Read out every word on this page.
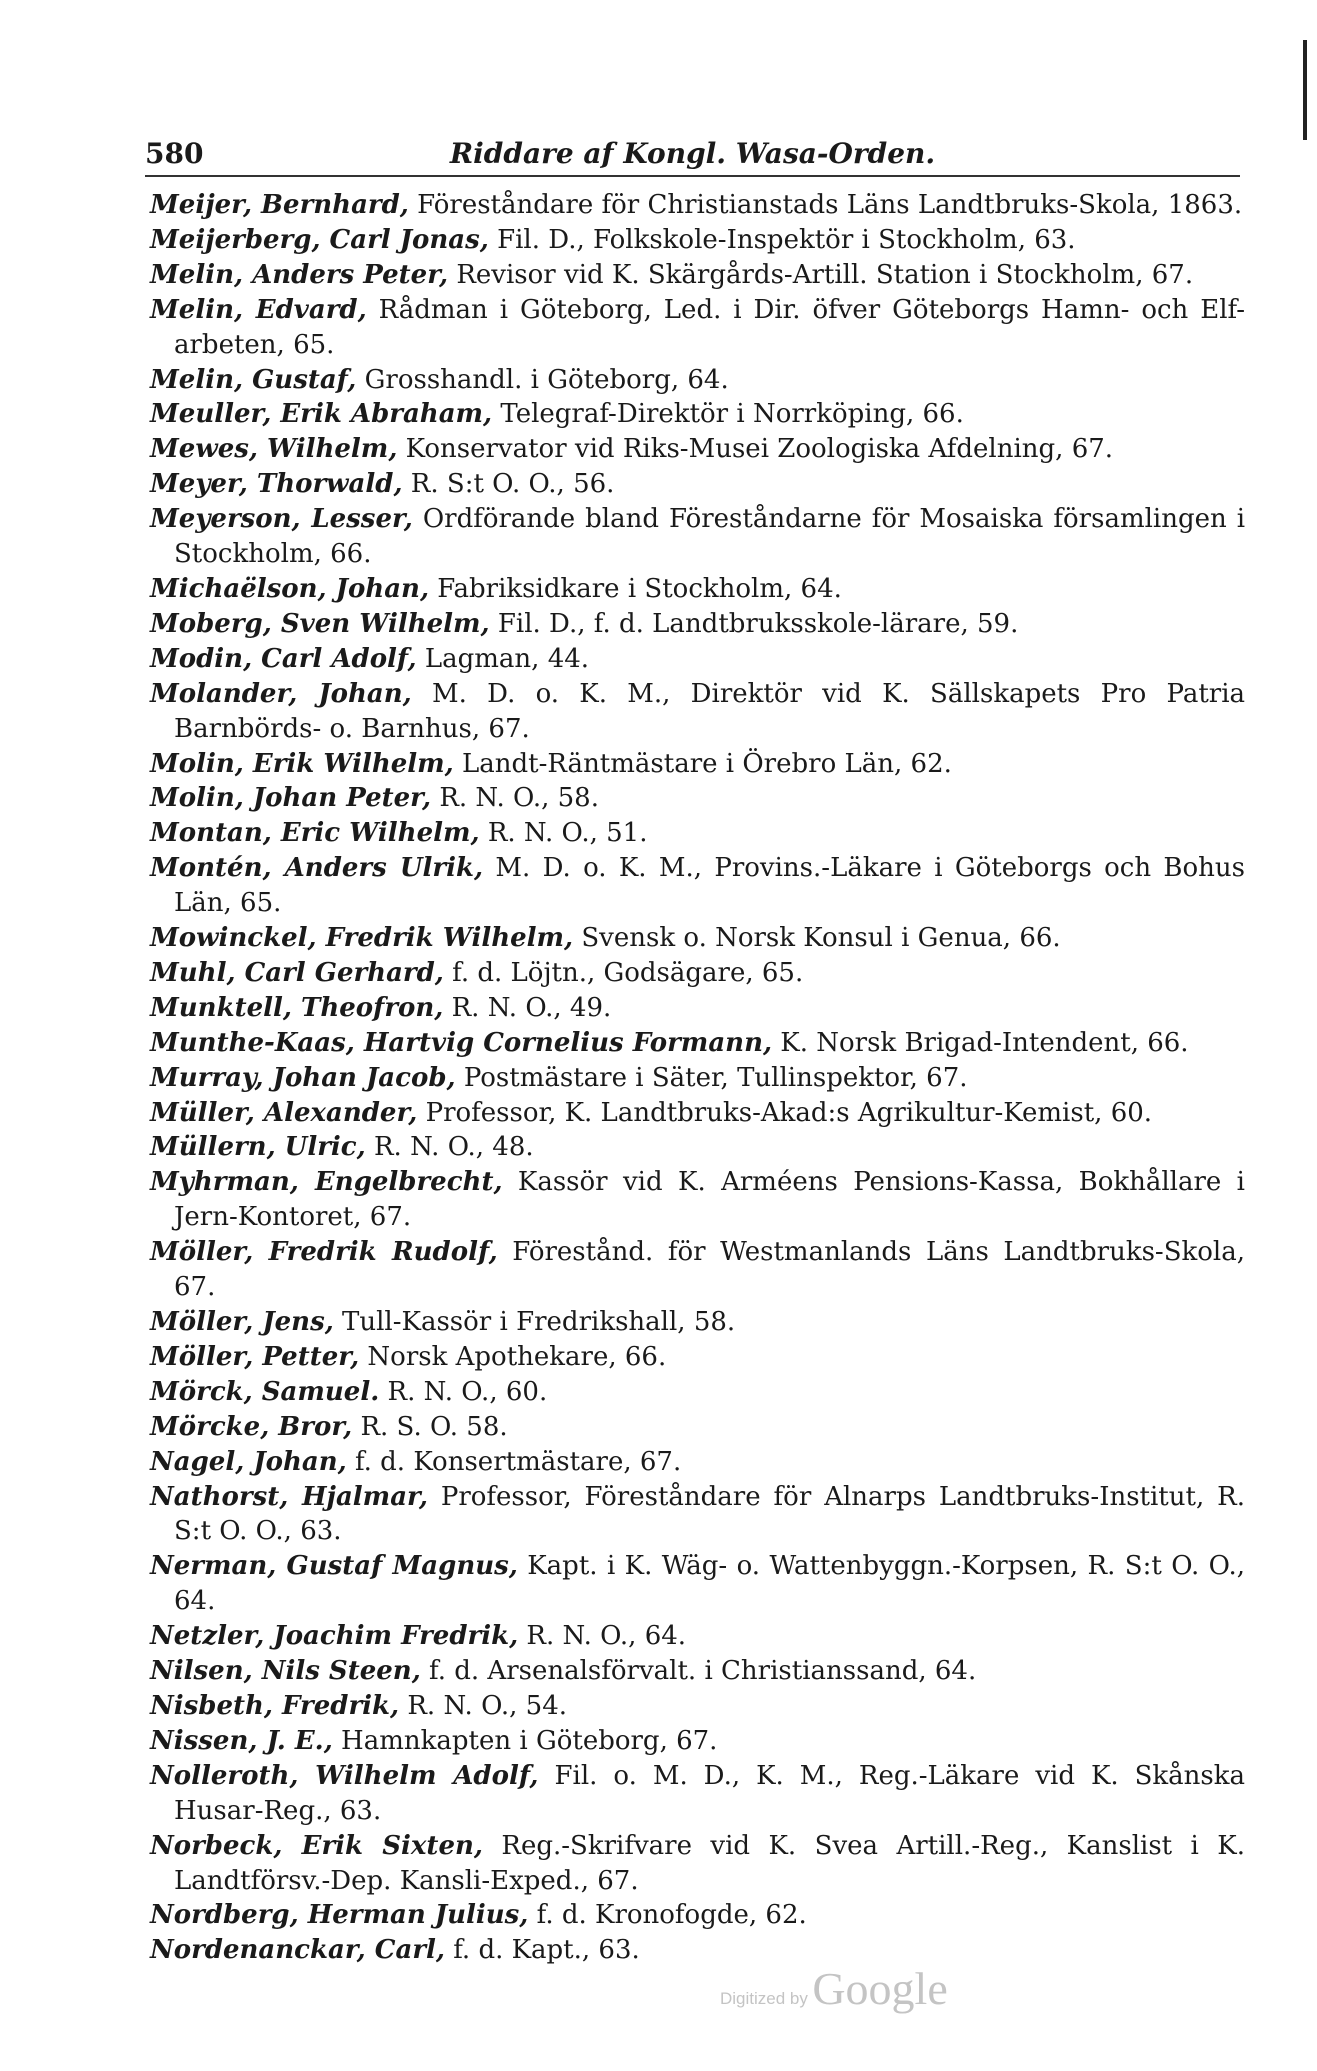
580	Riddare af Kongl. Wasa-Orden.
Meijer, Bernhard, Föreståndare för Christianstads Läns Landtbruks-Skola, 1863.
Meijerberg, Carl Jonas, Fil. D., Folkskole-Inspektör i Stockholm, 63.
Melin, Anders Peter, Revisor vid K. Skärgårds-Artill. Station i Stockholm, 67.
Melin, Edvard, Rådman i Göteborg, Led. i Dir. öfver Göteborgs Hamn- och Elf-arbeten, 65.
Melin, Gustaf, Grosshandl. i Göteborg, 64.
Meuller, Erik Abraham, Telegraf-Direktör i Norrköping, 66.
Mewes, Wilhelm, Konservator vid Riks-Musei Zoologiska Afdelning, 67.
Meyer, Thorwald, R. S:t O. O., 56.
Meyerson, Lesser, Ordförande bland Föreståndarne för Mosaiska församlingen i Stockholm, 66.
Michaëlson, Johan, Fabriksidkare i Stockholm, 64.
Moberg, Sven Wilhelm, Fil. D., f. d. Landtbruksskole-lärare, 59.
Modin, Carl Adolf, Lagman, 44.
Molander, Johan, M. D. o. K. M., Direktör vid K. Sällskapets Pro Patria Barnbörds- o. Barnhus, 67.
Molin, Erik Wilhelm, Landt-Räntmästare i Örebro Län, 62.
Molin, Johan Peter, R. N. O., 58.
Montan, Eric Wilhelm, R. N. O., 51.
Montén, Anders Ulrik, M. D. o. K. M., Provins.-Läkare i Göteborgs och Bohus Län, 65.
Mowinckel, Fredrik Wilhelm, Svensk o. Norsk Konsul i Genua, 66.
Muhl, Carl Gerhard, f. d. Löjtn., Godsägare, 65.
Munktell, Theofron, R. N. O., 49.
Munthe-Kaas, Hartvig Cornelius Formann, K. Norsk Brigad-Intendent, 66.
Murray, Johan Jacob, Postmästare i Säter, Tullinspektor, 67.
Müller, Alexander, Professor, K. Landtbruks-Akad:s Agrikultur-Kemist, 60.
Müllern, Ulric, R. N. O., 48.
Myhrman, Engelbrecht, Kassör vid K. Arméens Pensions-Kassa, Bokhållare i Jern-Kontoret, 67.
Möller, Fredrik Rudolf, Förestånd. för Westmanlands Läns Landtbruks-Skola, 67.
Möller, Jens, Tull-Kassör i Fredrikshall, 58.
Möller, Petter, Norsk Apothekare, 66.
Mörck, Samuel. R. N. O., 60.
Mörcke, Bror, R. S. O. 58.
Nagel, Johan, f. d. Konsertmästare, 67.
Nathorst, Hjalmar, Professor, Föreståndare för Alnarps Landtbruks-Institut, R. S:t O. O., 63.
Nerman, Gustaf Magnus, Kapt. i K. Wäg- o. Wattenbyggn.-Korpsen, R. S:t O. O., 64.
Netzler, Joachim Fredrik, R. N. O., 64.
Nilsen, Nils Steen, f. d. Arsenalsförvalt. i Christianssand, 64.
Nisbeth, Fredrik, R. N. O., 54.
Nissen, J. E., Hamnkapten i Göteborg, 67.
Nolleroth, Wilhelm Adolf, Fil. o. M. D., K. M., Reg.-Läkare vid K. Skånska Husar-Reg., 63.
Norbeck, Erik Sixten, Reg.-Skrifvare vid K. Svea Artill.-Reg., Kanslist i K. Landtförsv.-Dep. Kansli-Exped., 67.
Nordberg, Herman Julius, f. d. Kronofogde, 62.
Nordenanckar, Carl, f. d. Kapt., 63.
Digitized by Google
